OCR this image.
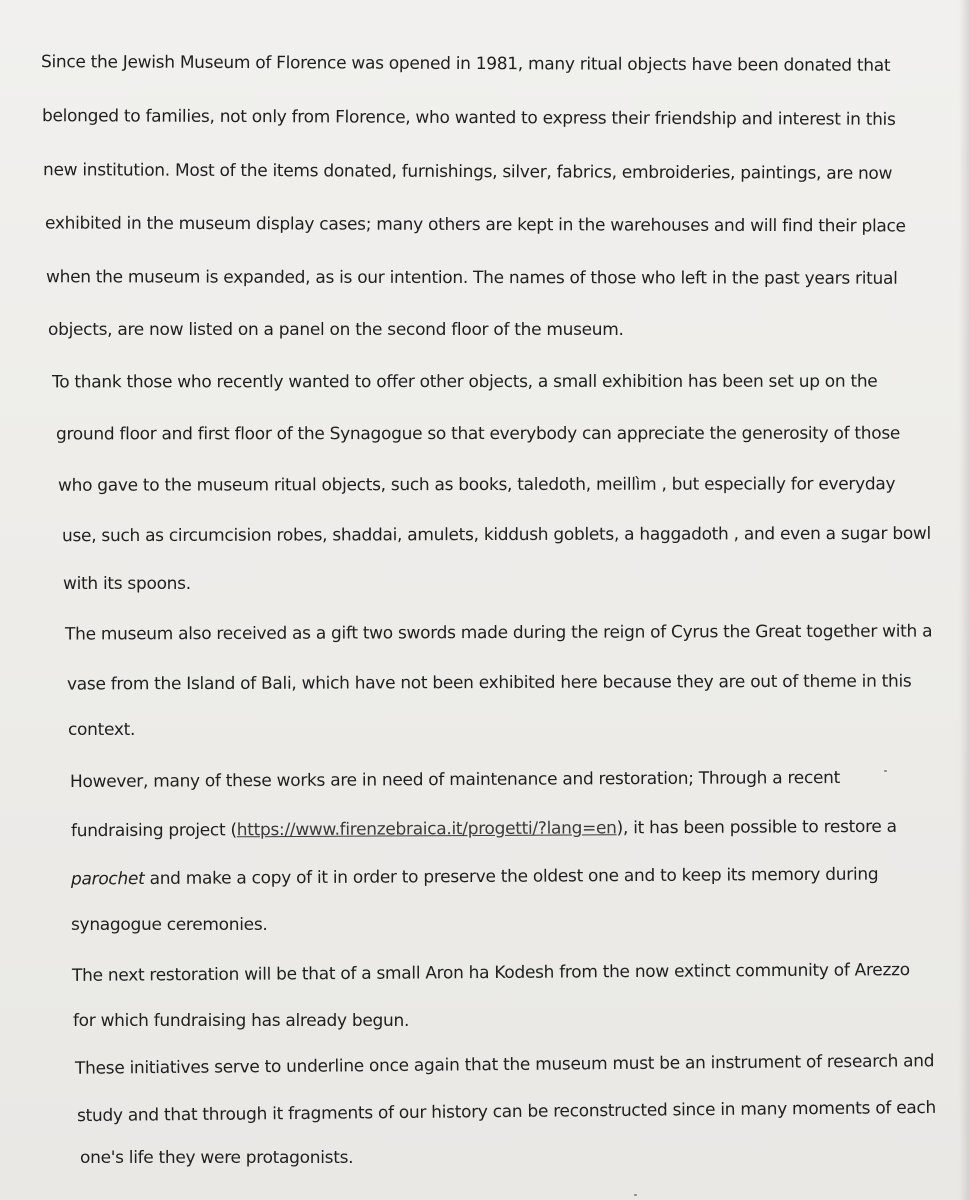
Since the Jewish Museum of Florence was opened in 1981, many ritual objects have been donated that
belonged to families, not only from Florence, who wanted to express their friendship and interest in this
new institution. Most of the items donated, furnishings, silver, fabrics, embroideries, paintings, are now
exhibited in the museum display cases; many others are kept in the warehouses and will find their place
when the museum is expanded, as is our intention. The names of those who left in the past years ritual
objects, are now listed on a panel on the second floor of the museum.
To thank those who recently wanted to offer other objects, a small exhibition has been set up on the
ground floor and first floor of the Synagogue so that everybody can appreciate the generosity of those
who gave to the museum ritual objects, such as books, taledoth, meillìm , but especially for everyday
use, such as circumcision robes, shaddai, amulets, kiddush goblets, a haggadoth , and even a sugar bowl
with its spoons.
The museum also received as a gift two swords made during the reign of Cyrus the Great together with a
vase from the Island of Bali, which have not been exhibited here because they are out of theme in this
context.
However, many of these works are in need of maintenance and restoration; Through a recent
fundraising project (https://www.firenzebraica.it/progetti/?lang=en), it has been possible to restore a
parochet and make a copy of it in order to preserve the oldest one and to keep its memory during
synagogue ceremonies.
The next restoration will be that of a small Aron ha Kodesh from the now extinct community of Arezzo
for which fundraising has already begun.
These initiatives serve to underline once again that the museum must be an instrument of research and
study and that through it fragments of our history can be reconstructed since in many moments of each
one's life they were protagonists.
